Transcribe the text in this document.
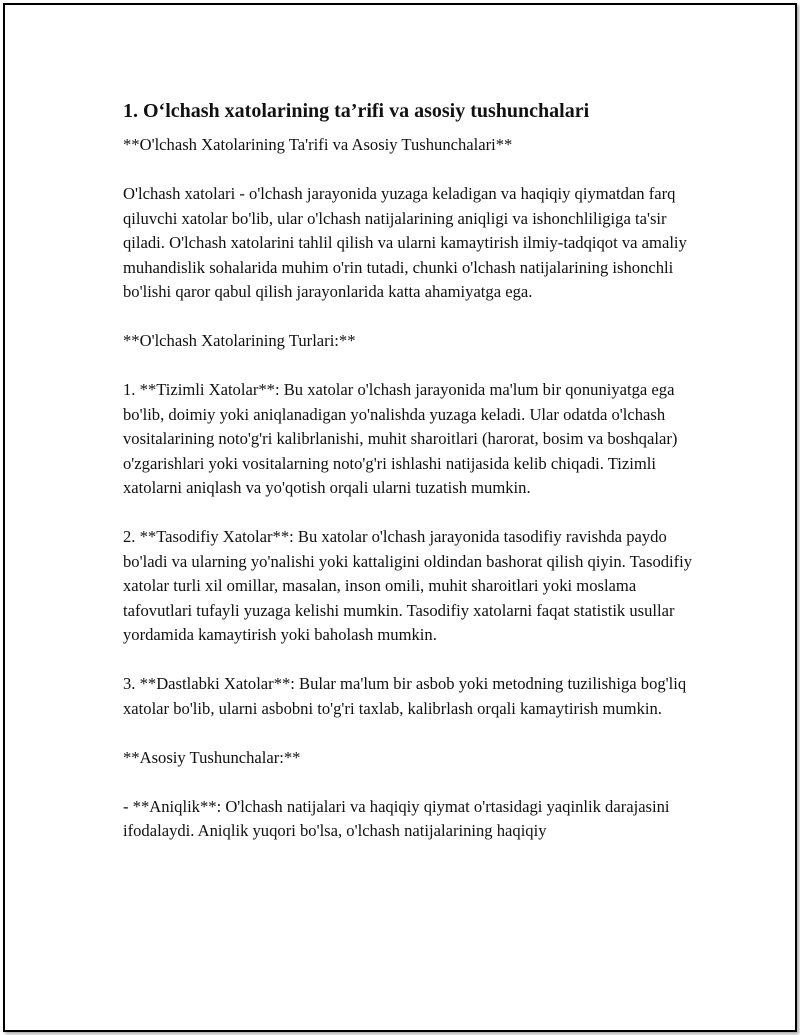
1. O‘lchash xatolarining ta’rifi va asosiy tushunchalari

**O'lchash Xatolarining Ta'rifi va Asosiy Tushunchalari**

O'lchash xatolari - o'lchash jarayonida yuzaga keladigan va haqiqiy qiymatdan farq qiluvchi xatolar bo'lib, ular o'lchash natijalarining aniqligi va ishonchliligiga ta'sir qiladi. O'lchash xatolarini tahlil qilish va ularni kamaytirish ilmiy-tadqiqot va amaliy muhandislik sohalarida muhim o'rin tutadi, chunki o'lchash natijalarining ishonchli bo'lishi qaror qabul qilish jarayonlarida katta ahamiyatga ega.

**O'lchash Xatolarining Turlari:**

1. **Tizimli Xatolar**: Bu xatolar o'lchash jarayonida ma'lum bir qonuniyatga ega bo'lib, doimiy yoki aniqlanadigan yo'nalishda yuzaga keladi. Ular odatda o'lchash vositalarining noto'g'ri kalibrlanishi, muhit sharoitlari (harorat, bosim va boshqalar) o'zgarishlari yoki vositalarning noto'g'ri ishlashi natijasida kelib chiqadi. Tizimli xatolarni aniqlash va yo'qotish orqali ularni tuzatish mumkin.

2. **Tasodifiy Xatolar**: Bu xatolar o'lchash jarayonida tasodifiy ravishda paydo bo'ladi va ularning yo'nalishi yoki kattaligini oldindan bashorat qilish qiyin. Tasodifiy xatolar turli xil omillar, masalan, inson omili, muhit sharoitlari yoki moslama tafovutlari tufayli yuzaga kelishi mumkin. Tasodifiy xatolarni faqat statistik usullar yordamida kamaytirish yoki baholash mumkin.

3. **Dastlabki Xatolar**: Bular ma'lum bir asbob yoki metodning tuzilishiga bog'liq xatolar bo'lib, ularni asbobni to'g'ri taxlab, kalibrlash orqali kamaytirish mumkin.

**Asosiy Tushunchalar:**

- **Aniqlik**: O'lchash natijalari va haqiqiy qiymat o'rtasidagi yaqinlik darajasini ifodalaydi. Aniqlik yuqori bo'lsa, o'lchash natijalarining haqiqiy
